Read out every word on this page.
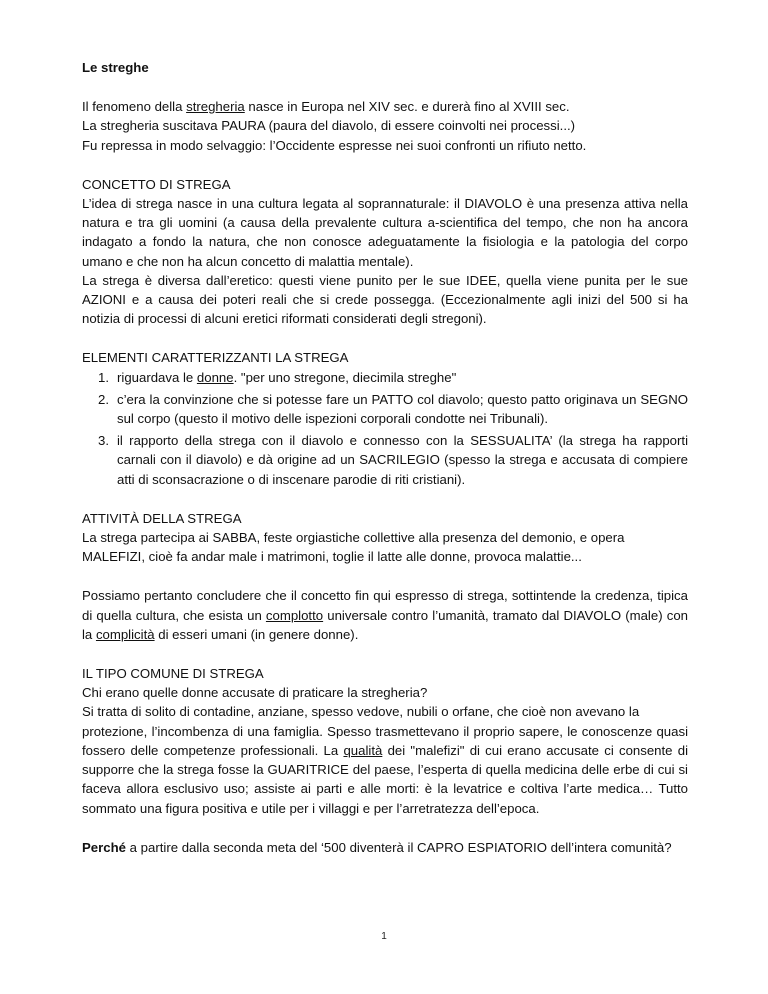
Le streghe

Il fenomeno della stregheria nasce in Europa nel XIV sec. e durerà fino al XVIII sec.

La stregheria suscitava PAURA (paura del diavolo, di essere coinvolti nei processi...)

Fu repressa in modo selvaggio: l’Occidente espresse nei suoi confronti un rifiuto netto.

CONCETTO DI STREGA

L’idea di strega nasce in una cultura legata al soprannaturale: il DIAVOLO è una presenza attiva nella natura e tra gli uomini (a causa della prevalente cultura a-scientifica del tempo, che non ha ancora indagato a fondo la natura, che non conosce adeguatamente la fisiologia e la patologia del corpo umano e che non ha alcun concetto di malattia mentale).

La strega è diversa dall’eretico: questi viene punito per le sue IDEE, quella viene punita per le sue AZIONI e a causa dei poteri reali che si crede possegga. (Eccezionalmente agli inizi del 500 si ha notizia di processi di alcuni eretici riformati considerati degli stregoni).

ELEMENTI CARATTERIZZANTI LA STREGA

1. riguardava le donne. "per uno stregone, diecimila streghe"
2. c’era la convinzione che si potesse fare un PATTO col diavolo; questo patto originava un SEGNO sul corpo (questo il motivo delle ispezioni corporali condotte nei Tribunali).
3. il rapporto della strega con il diavolo e connesso con la SESSUALITA’ (la strega ha rapporti carnali con il diavolo) e dà origine ad un SACRILEGIO (spesso la strega e accusata di compiere atti di sconsacrazione o di inscenare parodie di riti cristiani).

ATTIVITÀ DELLA STREGA

La strega partecipa ai SABBA, feste orgiastiche collettive alla presenza del demonio, e opera

MALEFIZI, cioè fa andar male i matrimoni, toglie il latte alle donne, provoca malattie...

Possiamo pertanto concludere che il concetto fin qui espresso di strega, sottintende la credenza, tipica di quella cultura, che esista un complotto universale contro l’umanità, tramato dal DIAVOLO (male) con la complicità di esseri umani (in genere donne).

IL TIPO COMUNE DI STREGA

Chi erano quelle donne accusate di praticare la stregheria?

Si tratta di solito di contadine, anziane, spesso vedove, nubili o orfane, che cioè non avevano la

protezione, l’incombenza di una famiglia. Spesso trasmettevano il proprio sapere, le conoscenze quasi fossero delle competenze professionali. La qualità dei "malefizi" di cui erano accusate ci consente di supporre che la strega fosse la GUARITRICE del paese, l’esperta di quella medicina delle erbe di cui si faceva allora esclusivo uso; assiste ai parti e alle morti: è la levatrice e coltiva l’arte medica… Tutto sommato una figura positiva e utile per i villaggi e per l’arretratezza dell’epoca.

Perché a partire dalla seconda meta del ‘500 diventerà il CAPRO ESPIATORIO dell’intera comunità?

1
